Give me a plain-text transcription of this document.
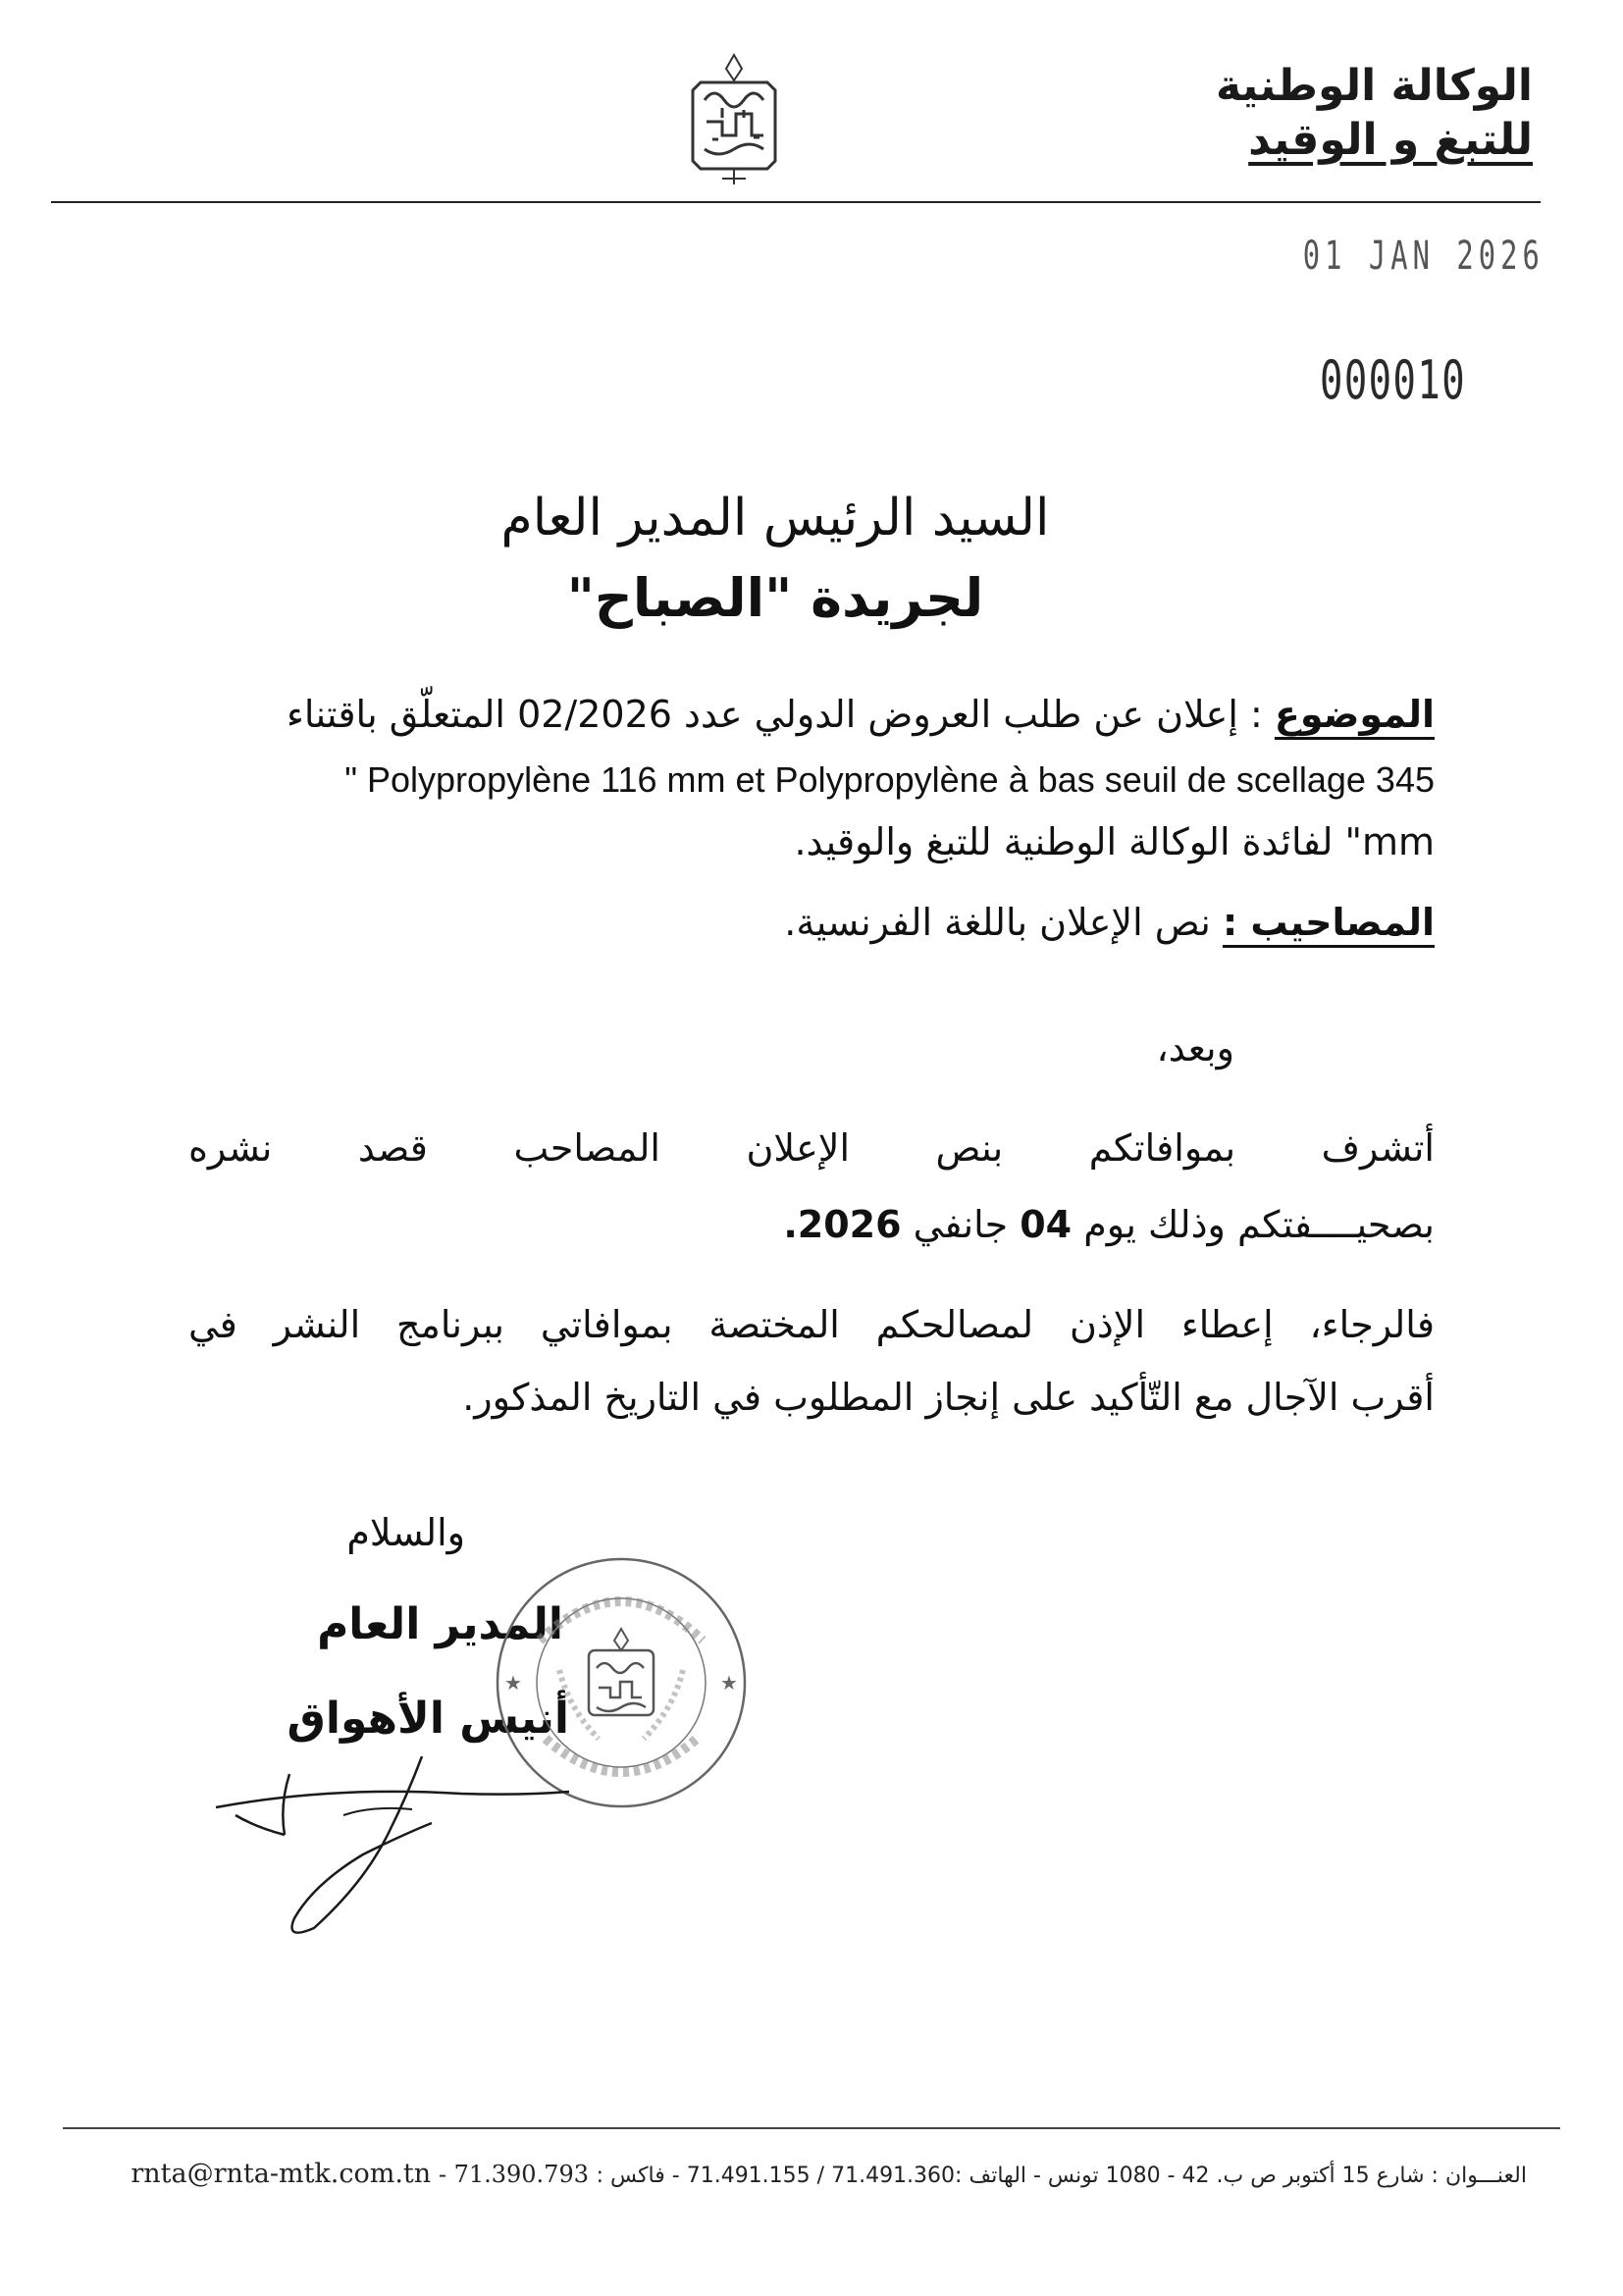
الوكالة الوطنية
للتبغ و الوقيد
01 JAN 2026
000010
السيد الرئيس المدير العام
لجريدة "الصباح"
الموضوع : إعلان عن طلب العروض الدولي عدد 02/2026 المتعلّق باقتناء
" Polypropylène 116 mm et Polypropylène à bas seuil de scellage 345
mm" لفائدة الوكالة الوطنية للتبغ والوقيد.
المصاحيب : نص الإعلان باللغة الفرنسية.
وبعد،
أتشرف بموافاتكم بنص الإعلان المصاحب قصد نشره
بصحيــــفتكم وذلك يوم 04 جانفي 2026.
فالرجاء، إعطاء الإذن لمصالحكم المختصة بموافاتي ببرنامج النشر في
أقرب الآجال مع التّأكيد على إنجاز المطلوب في التاريخ المذكور.
والسلام
المدير العام
أنيس الأهواق
★	★
rnta@rnta-mtk.com.tn - 71.390.793 العنـــوان : شارع 15 أكتوبر ص ب. 42 - 1080 تونس - الهاتف :71.491.360 / 71.491.155 - فاكس :
